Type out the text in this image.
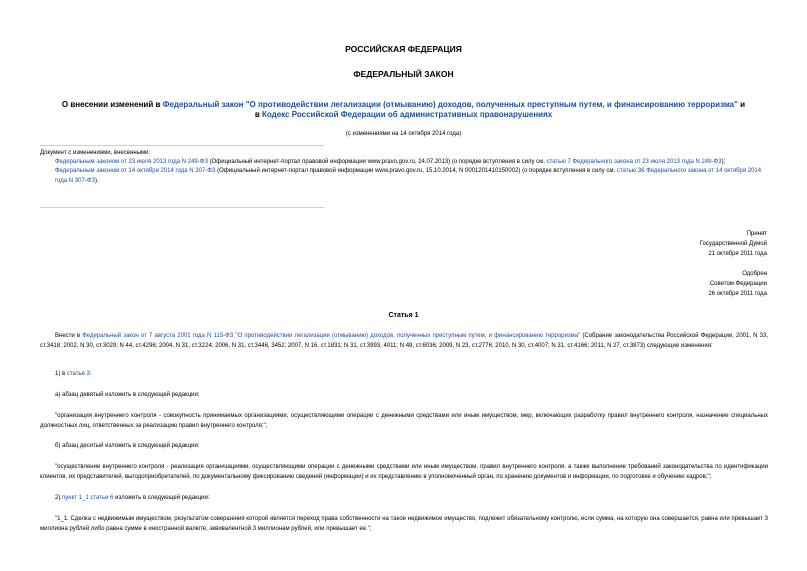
РОССИЙСКАЯ ФЕДЕРАЦИЯ
ФЕДЕРАЛЬНЫЙ ЗАКОН
О внесении изменений в Федеральный закон "О противодействии легализации (отмыванию) доходов, полученных преступным путем, и финансированию терроризма" и в Кодекс Российской Федерации об административных правонарушениях
(с изменениями на 14 октября 2014 года)
Документ с изменениями, внесенными:
Федеральным законом от 23 июля 2013 года N 249-ФЗ (Официальный интернет-портал правовой информации www.pravo.gov.ru, 24.07.2013) (о порядке вступления в силу см. статью 7 Федерального закона от 23 июля 2013 года N 249-ФЗ);
Федеральным законом от 14 октября 2014 года N 307-ФЗ (Официальный интернет-портал правовой информации www.pravo.gov.ru, 15.10.2014, N 0001201410150002) (о порядке вступления в силу см. статью 36 Федерального закона от 14 октября 2014 года N 307-ФЗ).
Принят
Государственной Думой
21 октября 2011 года
Одобрен
Советом Федерации
26 октября 2011 года
Статья 1

Внести в Федеральный закон от 7 августа 2001 года N 115-ФЗ "О противодействии легализации (отмыванию) доходов, полученных преступным путем, и финансированию терроризма" (Собрание законодательства Российской Федерации, 2001, N 33, ст.3418; 2002, N 30, ст.3029; N 44, ст.4296; 2004, N 31, ст.3224; 2006, N 31, ст.3446, 3452; 2007, N 16, ст.1831; N 31, ст.3993, 4011; N 49, ст.6036; 2009, N 23, ст.2776; 2010, N 30, ст.4007; N 31, ст.4166; 2011, N 27, ст.3873) следующие изменения:

1) в статье 3:

а) абзац девятый изложить в следующей редакции:

"организация внутреннего контроля - совокупность принимаемых организациями, осуществляющими операции с денежными средствами или иным имуществом, мер, включающих разработку правил внутреннего контроля, назначение специальных должностных лиц, ответственных за реализацию правил внутреннего контроля;";

б) абзац десятый изложить в следующей редакции:

"осуществление внутреннего контроля - реализация организациями, осуществляющими операции с денежными средствами или иным имуществом, правил внутреннего контроля, а также выполнение требований законодательства по идентификации клиентов, их представителей, выгодоприобретателей, по документальному фиксированию сведений (информации) и их представлению в уполномоченный орган, по хранению документов и информации, по подготовке и обучению кадров;";

2) пункт 1_1 статьи 6 изложить в следующей редакции:

"1_1. Сделка с недвижимым имуществом, результатом совершения которой является переход права собственности на такое недвижимое имущество, подлежит обязательному контролю, если сумма, на которую она совершается, равна или превышает 3 миллиона рублей либо равна сумме в иностранной валюте, эквивалентной 3 миллионам рублей, или превышает ее.";
